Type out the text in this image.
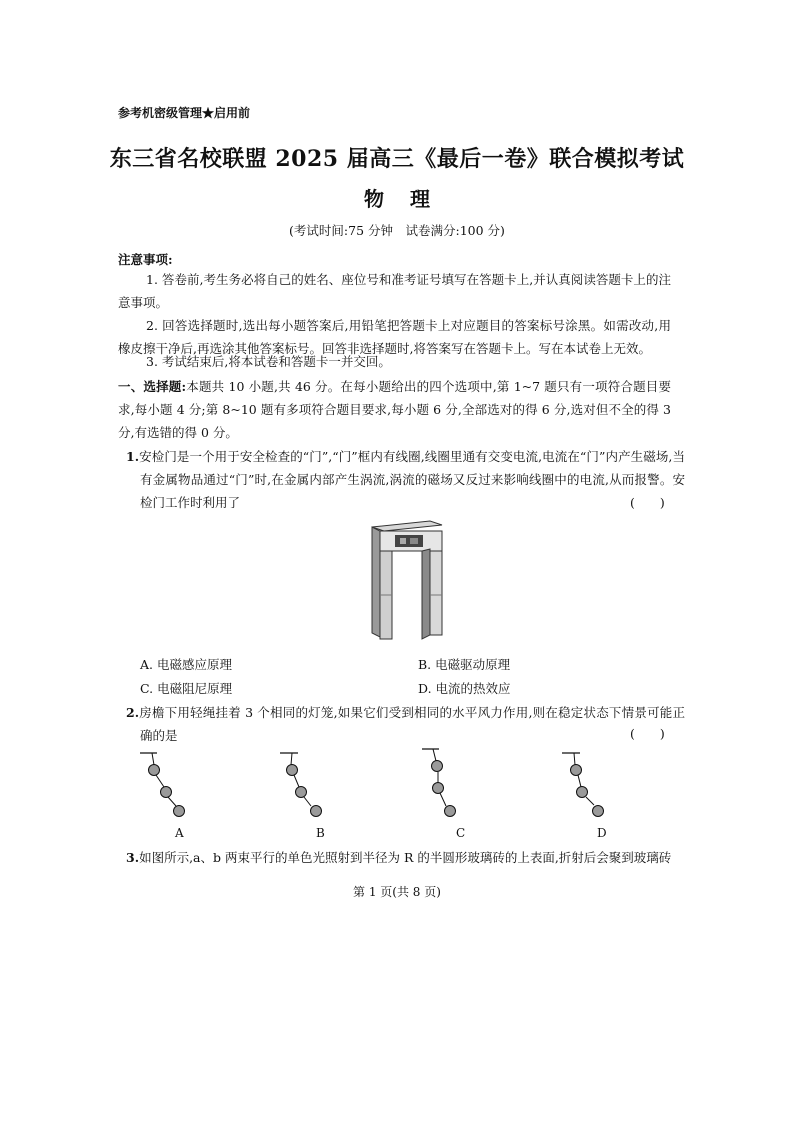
参考机密级管理★启用前
东三省名校联盟 2025 届高三《最后一卷》联合模拟考试
物理
(考试时间:75 分钟　试卷满分:100 分)
注意事项:
1. 答卷前,考生务必将自己的姓名、座位号和准考证号填写在答题卡上,并认真阅读答题卡上的注意事项。
2. 回答选择题时,选出每小题答案后,用铅笔把答题卡上对应题目的答案标号涂黑。如需改动,用橡皮擦干净后,再选涂其他答案标号。回答非选择题时,将答案写在答题卡上。写在本试卷上无效。
3. 考试结束后,将本试卷和答题卡一并交回。
一、选择题:本题共 10 小题,共 46 分。在每小题给出的四个选项中,第 1~7 题只有一项符合题目要求,每小题 4 分;第 8~10 题有多项符合题目要求,每小题 6 分,全部选对的得 6 分,选对但不全的得 3 分,有选错的得 0 分。
1.安检门是一个用于安全检查的“门”,“门”框内有线圈,线圈里通有交变电流,电流在“门”内产生磁场,当有金属物品通过“门”时,在金属内部产生涡流,涡流的磁场又反过来影响线圈中的电流,从而报警。安检门工作时利用了	(　　)
A. 电磁感应原理	B. 电磁驱动原理
C. 电磁阻尼原理	D. 电流的热效应
2.房檐下用轻绳挂着 3 个相同的灯笼,如果它们受到相同的水平风力作用,则在稳定状态下情景可能正确的是	(　　)
A	B	C	D
3.如图所示,a、b 两束平行的单色光照射到半径为 R 的半圆形玻璃砖的上表面,折射后会聚到玻璃砖
第 1 页(共 8 页)
